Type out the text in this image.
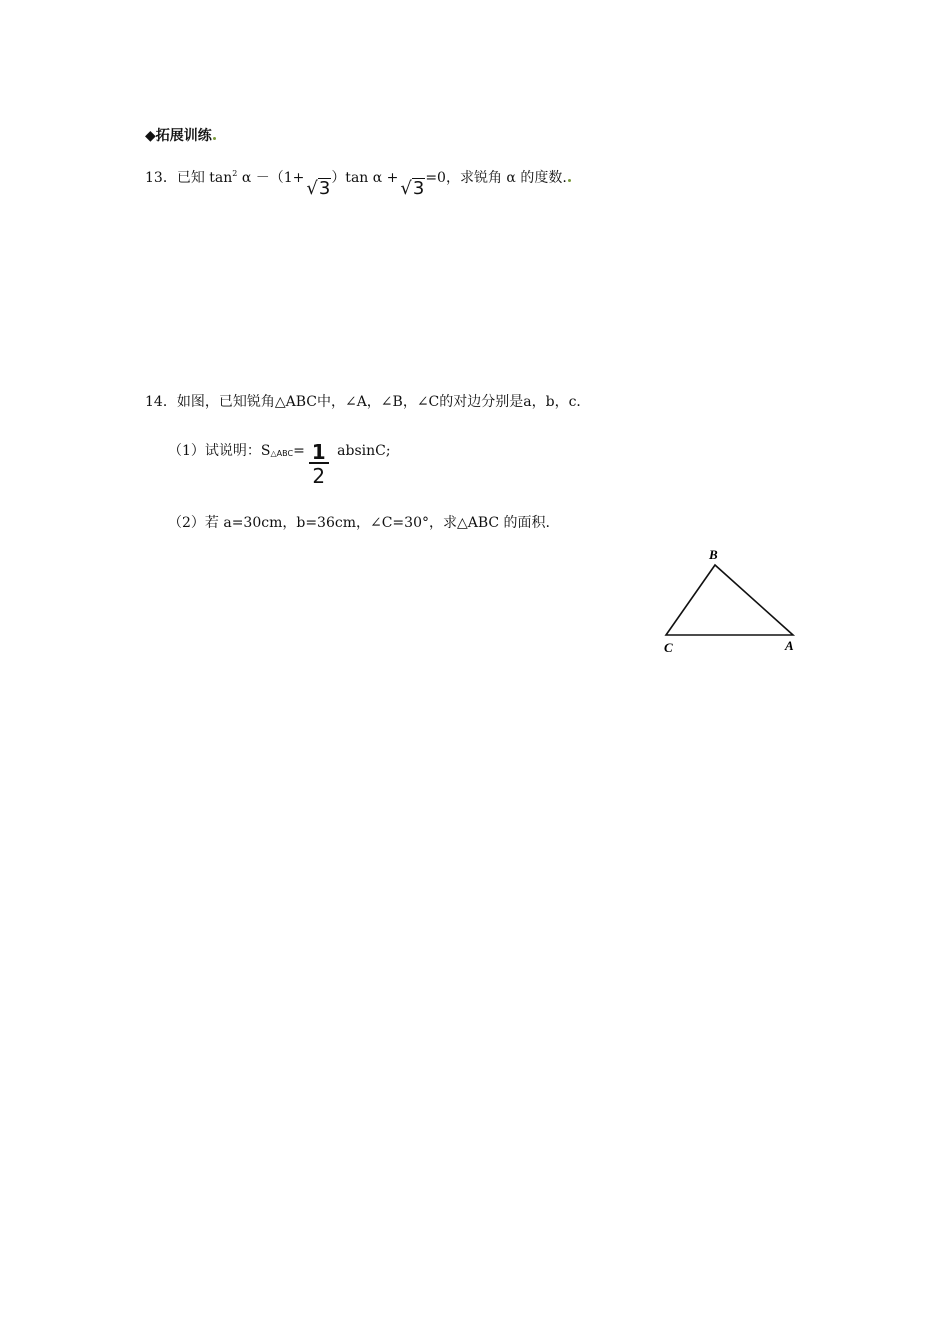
◆拓展训练
13．已知 $\tan^2 \alpha -(1+ √3)\tan$ α + √3=0，求锐角 α 的度数.
14．如图，已知锐角△ABC中，∠A，∠B，∠C的对边分别是a，b，c．
（1）试说明：$S_{\triangle ABC}= \frac{1}{2} absinC$;
（2）若 a=30cm，b=36cm，∠C=30°，求△ABC 的面积.
B
C	A
